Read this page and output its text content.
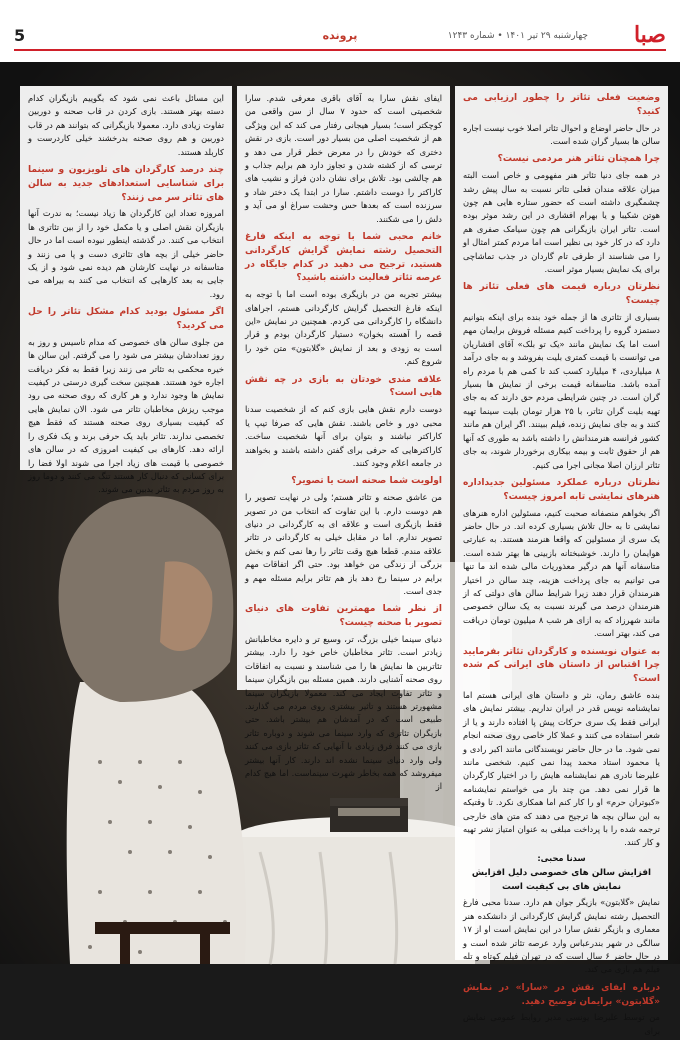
صبا
چهارشنبه ۲۹ تیر ۱۴۰۱ • شماره ۱۲۴۳
پرونده
5
وضعیت فعلی تئاتر را چطور ارزیابی می کنید؟

در حال حاضر اوضاع و احوال تئاتر اصلا خوب نیست اجاره سالن ها بسیار گران شده است.

چرا همچنان تئاتر هنر مردمی نیست؟

در همه جای دنیا تئاتر هنر مفهومی و خاص است البته میزان علاقه مندان فعلی تئاتر نسبت به سال پیش رشد چشمگیری داشته است که حضور ستاره هایی هم چون هوتن شکیبا و یا بهرام افشاری در این رشد موثر بوده است. تئاتر ایران بازیگرانی هم چون سیامک صفری هم دارد که در کار خود بی نظیر است اما مردم کمتر امثال او را می شناسند از طرفی تام گاردان در جذب تماشاچی برای یک نمایش بسیار موثر است.

نظرتان درباره قیمت های فعلی تئاتر ها چیست؟

بسیاری از تئاتری ها از جمله خود بنده برای اینکه بتوانیم دستمزد گروه را پرداخت کنیم مسئله فروش برایمان مهم است اما یک نمایش مانند «یک تو بلک» آقای افشاریان می توانست با قیمت کمتری بلیت بفروشد و به جای درآمد ۸ میلیاردی، ۴ میلیارد کسب کند تا کمی هم با مردم راه آمده باشد. متاسفانه قیمت برخی از نمایش ها بسیار گران است. در چنین شرایطی مردم حق دارند که به جای تهیه بلیت گران تئاتر، با ۲۵ هزار تومان بلیت سینما تهیه کنند و به جای نمایش زنده، فیلم ببینند. اگر ایران هم مانند کشور فرانسه هنرمندانش را داشته باشد به طوری که آنها هم از حقوق ثابت و بیمه بیکاری برخوردار شوند، به جای تئاتر ارزان اصلا مجانی اجرا می کنیم.

نظرتان درباره عملکرد مسئولین جدیداداره هنرهای نمایشی تابه امروز چیست؟

اگر بخواهم منصفانه صحبت کنیم، مسئولین اداره هنرهای نمایشی تا به حال تلاش بسیاری کرده اند. در حال حاضر یک سری از مسئولین که واقعا هنرمند هستند. به عبارتی هوایمان را دارند. خوشبختانه بازبینی ها بهتر شده است. متاسفانه آنها هم درگیر معذوریات مالی شده اند ما تنها می توانیم به جای پرداخت هزینه، چند سالن در اختیار هنرمندان قرار دهند زیرا شرایط سالن های دولتی که از هنرمندان درصد می گیرند نسبت به یک سالن خصوصی مانند شهرزاد که به ازای هر شب ۸ میلیون تومان دریافت می کند، بهتر است.

به عنوان نویسنده و کارگردان تئاتر بفرمایید چرا اقتباس از داستان های ایرانی کم شده است؟

بنده عاشق رمان، نثر و داستان های ایرانی هستم اما نمایشنامه نویس قدر در ایران نداریم. بیشتر نمایش های ایرانی فقط یک سری حرکات پیش پا افتاده دارند و یا از شعر استفاده می کنند و عملا کار خاصی روی صحنه انجام نمی شود. ما در حال حاضر نویسندگانی مانند اکبر رادی و یا محمود استاد محمد پیدا نمی کنیم. شخصی مانند علیرضا نادری هم نمایشنامه هایش را در اختیار کارگردان ها قرار نمی دهد. من چند بار می خواستم نمایشنامه «کبوتران حرم» او را کار کنم اما همکاری نکرد. تا وقتیکه به این سالن بچه ها ترجیح می دهند که متن های خارجی ترجمه شده را با پرداخت مبلغی به عنوان امتیاز نشر تهیه و کار کنند.

سدنا محبی:

افزایش سالن های خصوصی دلیل افزایش نمایش های بی کیفیت است

نمایش «گلابتون» بازیگر جوان هم دارد. سدنا محبی فارغ التحصیل رشته نمایش گرایش کارگردانی از دانشکده هنر معماری و بازیگر نقش سارا در این نمایش است او از ۱۷ سالگی در شهر بندرعباس وارد عرصه تئاتر شده است و در حال حاضر ۶ سال است که در تهران فیلم کوتاه و تله فیلم هم بازی می کند.

درباره ایفای نقش در «سارا» در نمایش «گلابتون» برایمان توضیح دهید.

من توسط علیرضا یونسی مدیر روابط عمومی نمایش برای

ایفای نقش سارا به آقای باقری معرفی شدم. سارا شخصیتی است که حدود ۷ سال از سن واقعی من کوچکتر است؛ بسیار هیجانی رفتار می کند که این ویژگی هم از شخصیت اصلی من بسیار دور است. بازی در نقش دختری که خودش را در معرض خطر قرار می دهد و ترسی که از کشته شدن و تجاوز دارد هم برایم جذاب و هم چالشی بود. تلاش برای نشان دادن فراز و نشیب های کاراکتر را دوست داشتم. سارا در ابتدا یک دختر شاد و سرزنده است که بعدها حس وحشت سراغ او می آید و دلش را می شکنند.

خانم محبی شما با توجه به اینکه فارغ التحصیل رشته نمایش گرایش کارگردانی هستید، ترجیح می دهید در کدام جایگاه در عرصه تئاتر فعالیت داشته باشید؟

بیشتر تجربه من در بازیگری بوده است اما با توجه به اینکه فارغ التحصیل گرایش کارگردانی هستم، اجراهای دانشگاه را کارگردانی می کردم. همچنین در نمایش «این قصه را آهسته بخوان» دستیار کارگردان بودم و قرار است به زودی و بعد از نمایش «گلابتون» متن خود را شروع کنم.

علاقه مندی خودتان به بازی در چه نقش هایی است؟

دوست دارم نقش هایی بازی کنم که از شخصیت سدنا محبی دور و خاص باشند. نقش هایی که صرفا تیپ یا کاراکتر نباشند و بتوان برای آنها شخصیت ساخت. کاراکترهایی که حرفی برای گفتن داشته باشند و بخواهند در جامعه اعلام وجود کنند.

اولویت شما صحنه است یا تصویر؟

من عاشق صحنه و تئاتر هستم؛ ولی در نهایت تصویر را هم دوست دارم. با این تفاوت که انتخاب من در تصویر فقط بازیگری است و علاقه ای به کارگردانی در دنیای تصویر ندارم. اما در مقابل خیلی به کارگردانی در تئاتر علاقه مندم. قطعا هیچ وقت تئاتر را رها نمی کنم و بخش بزرگی از زندگی من خواهد بود. حتی اگر اتفاقات مهم برایم در سینما رخ دهد باز هم تئاتر برایم مسئله مهم و جدی است.

از نظر شما مهمترین تفاوت های دنیای تصویر با صحنه چیست؟

دنیای سینما خیلی بزرگ، تر، وسیع تر و دایره مخاطبانش زیادتر است. تئاتر مخاطبان خاص خود را دارد. بیشتر تئاتربین ها نمایش ها را می شناسند و نسبت به اتفاقات روی صحنه آشنایی دارند. همین مسئله بین بازیگران سینما و تئاتر تفاوت ایجاد می کند. معمولا بازیگران سینما مشهورتر هستند و تاثیر بیشتری روی مردم می گذارند. طبیعی است که در آمدشان هم بیشتر باشد. حتی بازیگران تئاتری که وارد سینما می شوند و دوباره تئاتر بازی می کنند فرق زیادی با آنهایی که تئاتر بازی می کنند ولی وارد دنیای سینما نشده اند دارند. کار آنها بیشتر میفروشد که همه بخاطر شهرت سینماست. اما هیچ کدام از

این مسائل باعث نمی شود که بگوییم بازیگران کدام دسته بهتر هستند. بازی کردن در قاب صحنه و دوربین تفاوت زیادی دارد. معمولا بازیگرانی که بتوانند هم در قاب دوربین و هم روی صحنه بدرخشند خیلی کاردرست و کاربلد هستند.

چند درصد کارگردان های تلویزیون و سینما برای شناسایی استعدادهای جدید به سالن های تئاتر سر می زنند؟

امروزه تعداد این کارگردان ها زیاد نیست؛ به ندرت آنها بازیگران نقش اصلی و یا مکمل خود را از بین تئاتری ها انتخاب می کنند. در گذشته اینطور نبوده است اما در حال حاضر خیلی از بچه های تئاتری دست و پا می زنند و متاسفانه در نهایت کارشان هم دیده نمی شود و از یک جایی به بعد کارهایی که انتخاب می کنند به بیراهه می رود.

اگر مسئول بودید کدام مشکل تئاتر را حل می کردید؟

من جلوی سالن های خصوصی که مدام تاسیس و روز به روز تعدادشان بیشتر می شود را می گرفتم. این سالن ها خیره محکمی به تئاتر می زنند زیرا فقط به فکر دریافت اجاره خود هستند. همچنین سخت گیری درستی در کیفیت نمایش ها وجود ندارد و هر کاری که روی صحنه می رود موجب ریزش مخاطبان تئاتر می شود. الان نمایش هایی که کیفیت بسیاری روی صحنه هستند که فقط هیچ تخصصی ندارند. تئاتر باید یک حرفی برند و یک فکری را ارائه دهد. کارهای بی کیفیت امروزی که در سالن های خصوصی با قیمت های زیاد اجرا می شوند اولا فضا را برای کسانی که دنبال کار هستند تنگ می کنند و دوما روز به روز مردم به تئاتر بدبین می شوند.
